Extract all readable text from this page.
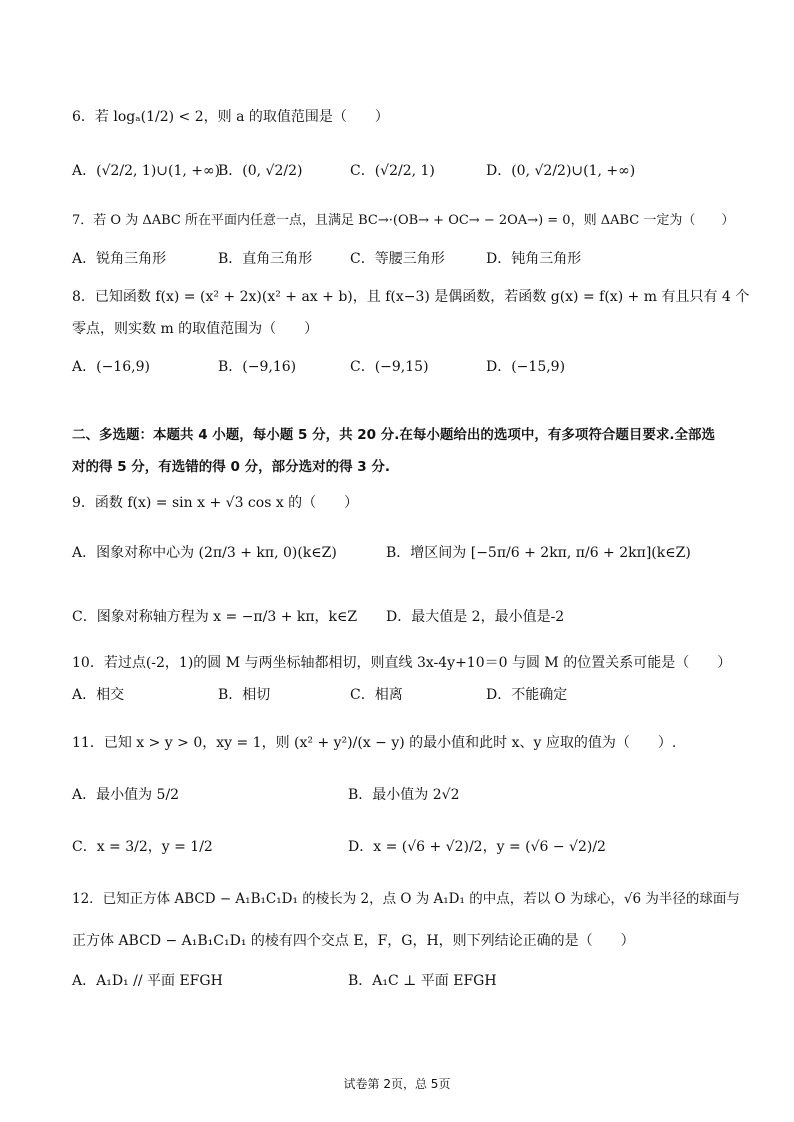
6．若 logₐ(1/2) < 2，则 a 的取值范围是（　　）
A．(√2/2, 1)∪(1, +∞)
B．(0, √2/2)	C．(√2/2, 1)	D．(0, √2/2)∪(1, +∞)
7．若 O 为 ΔABC 所在平面内任意一点，且满足 BC→·(OB→ + OC→ − 2OA→) = 0，则 ΔABC 一定为（　　）
A．锐角三角形	B．直角三角形	C．等腰三角形	D．钝角三角形
8．已知函数 f(x) = (x² + 2x)(x² + ax + b)，且 f(x−3) 是偶函数，若函数 g(x) = f(x) + m 有且只有 4 个
零点，则实数 m 的取值范围为（　　）
A．(−16,9)	B．(−9,16)	C．(−9,15)	D．(−15,9)
二、多选题：本题共 4 小题，每小题 5 分，共 20 分.在每小题给出的选项中，有多项符合题目要求.全部选
对的得 5 分，有选错的得 0 分，部分选对的得 3 分.
9．函数 f(x) = sin x + √3 cos x 的（　　）
A．图象对称中心为 (2π/3 + kπ, 0)(k∈Z)	B．增区间为 [−5π/6 + 2kπ, π/6 + 2kπ](k∈Z)
C．图象对称轴方程为 x = −π/3 + kπ，k∈Z D．最大值是 2，最小值是-2
10．若过点(-2，1)的圆 M 与两坐标轴都相切，则直线 3x-4y+10＝0 与圆 M 的位置关系可能是（　　）
A．相交	B．相切	C．相离	D．不能确定
11．已知 x > y > 0，xy = 1，则 (x² + y²)/(x − y) 的最小值和此时 x、y 应取的值为（　　）.
A．最小值为 5/2	B．最小值为 2√2
C．x = 3/2，y = 1/2	D．x = (√6 + √2)/2，y = (√6 − √2)/2
12．已知正方体 ABCD − A₁B₁C₁D₁ 的棱长为 2，点 O 为 A₁D₁ 的中点，若以 O 为球心，√6 为半径的球面与
正方体 ABCD − A₁B₁C₁D₁ 的棱有四个交点 E，F，G，H，则下列结论正确的是（　　）
A．A₁D₁ // 平面 EFGH	B．A₁C ⊥ 平面 EFGH
试卷第 2页，总 5页
